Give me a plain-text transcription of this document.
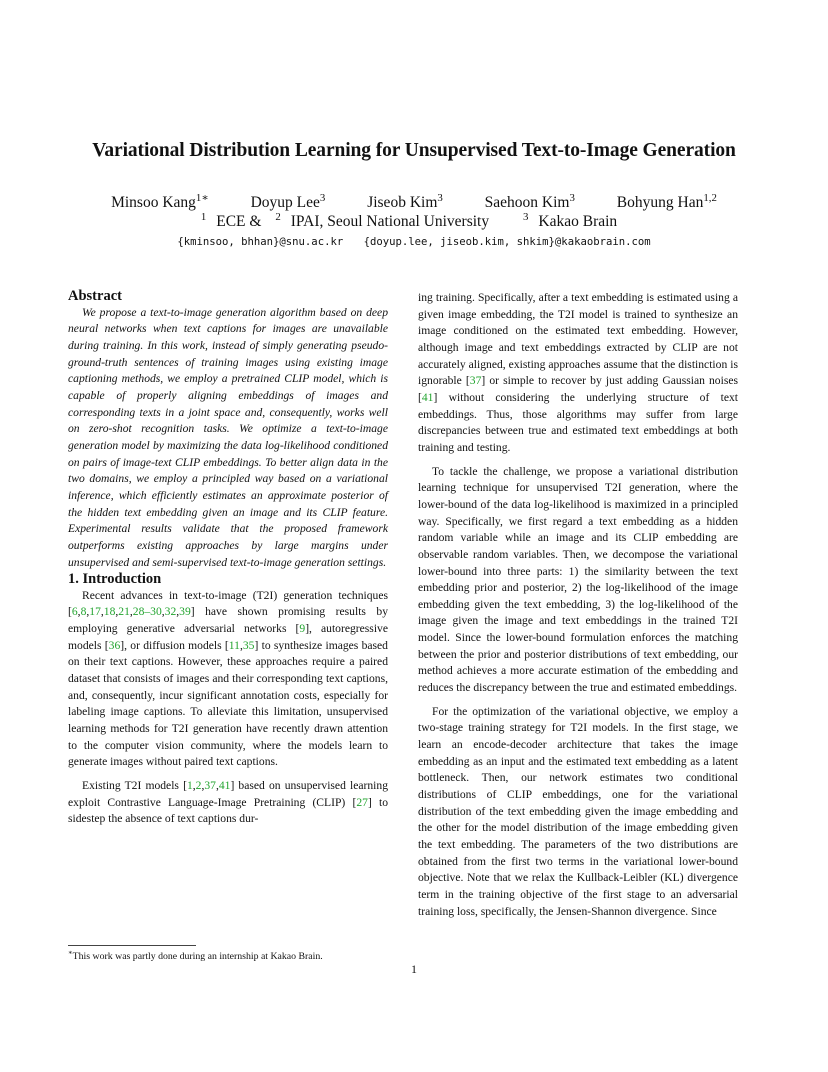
Variational Distribution Learning for Unsupervised Text-to-Image Generation
Minsoo Kang$^{1∗}$	Doyup Lee$^3$	Jiseob Kim$^3$	Saehoon Kim$^3$	Bohyung Han$^{1,2}$
$^1$ ECE & $^2$ IPAI, Seoul National University	$^3$ Kakao Brain
{kminsoo, bhhan}@snu.ac.kr {doyup.lee, jiseob.kim, shkim}@kakaobrain.com

Abstract

We propose a text-to-image generation algorithm based on deep neural networks when text captions for images are unavailable during training. In this work, instead of simply generating pseudo-ground-truth sentences of training images using existing image captioning methods, we employ a pretrained CLIP model, which is capable of properly aligning embeddings of images and corresponding texts in a joint space and, consequently, works well on zero-shot recognition tasks. We optimize a text-to-image generation model by maximizing the data log-likelihood conditioned on pairs of image-text CLIP embeddings. To better align data in the two domains, we employ a principled way based on a variational inference, which efficiently estimates an approximate posterior of the hidden text embedding given an image and its CLIP feature. Experimental results validate that the proposed framework outperforms existing approaches by large margins under unsupervised and semi-supervised text-to-image generation settings.

1. Introduction

Recent advances in text-to-image (T2I) generation techniques [6,8,17,18,21,28–30,32,39] have shown promising results by employing generative adversarial networks [9], autoregressive models [36], or diffusion models [11,35] to synthesize images based on their text captions. However, these approaches require a paired dataset that consists of images and their corresponding text captions, and, consequently, incur significant annotation costs, especially for labeling image captions. To alleviate this limitation, unsupervised learning methods for T2I generation have recently drawn attention to the computer vision community, where the models learn to generate images without paired text captions.

Existing T2I models [1,2,37,41] based on unsupervised learning exploit Contrastive Language-Image Pretraining (CLIP) [27] to sidestep the absence of text captions dur-

ing training. Specifically, after a text embedding is estimated using a given image embedding, the T2I model is trained to synthesize an image conditioned on the estimated text embedding. However, although image and text embeddings extracted by CLIP are not accurately aligned, existing approaches assume that the distinction is ignorable [37] or simple to recover by just adding Gaussian noises [41] without considering the underlying structure of text embeddings. Thus, those algorithms may suffer from large discrepancies between true and estimated text embeddings at both training and testing.

To tackle the challenge, we propose a variational distribution learning technique for unsupervised T2I generation, where the lower-bound of the data log-likelihood is maximized in a principled way. Specifically, we first regard a text embedding as a hidden random variable while an image and its CLIP embedding are observable random variables. Then, we decompose the variational lower-bound into three parts: 1) the similarity between the text embedding prior and posterior, 2) the log-likelihood of the image embedding given the text embedding, 3) the log-likelihood of the image given the image and text embeddings in the trained T2I model. Since the lower-bound formulation enforces the matching between the prior and posterior distributions of text embedding, our method achieves a more accurate estimation of the embedding and reduces the discrepancy between the true and estimated embeddings.

For the optimization of the variational objective, we employ a two-stage training strategy for T2I models. In the first stage, we learn an encode-decoder architecture that takes the image embedding as an input and the estimated text embedding as a latent bottleneck. Then, our network estimates two conditional distributions of CLIP embeddings, one for the variational distribution of the text embedding given the image embedding and the other for the model distribution of the image embedding given the text embedding. The parameters of the two distributions are obtained from the first two terms in the variational lower-bound objective. Note that we relax the Kullback-Leibler (KL) divergence term in the training objective of the first stage to an adversarial training loss, specifically, the Jensen-Shannon divergence. Since

∗This work was partly done during an internship at Kakao Brain.
1
